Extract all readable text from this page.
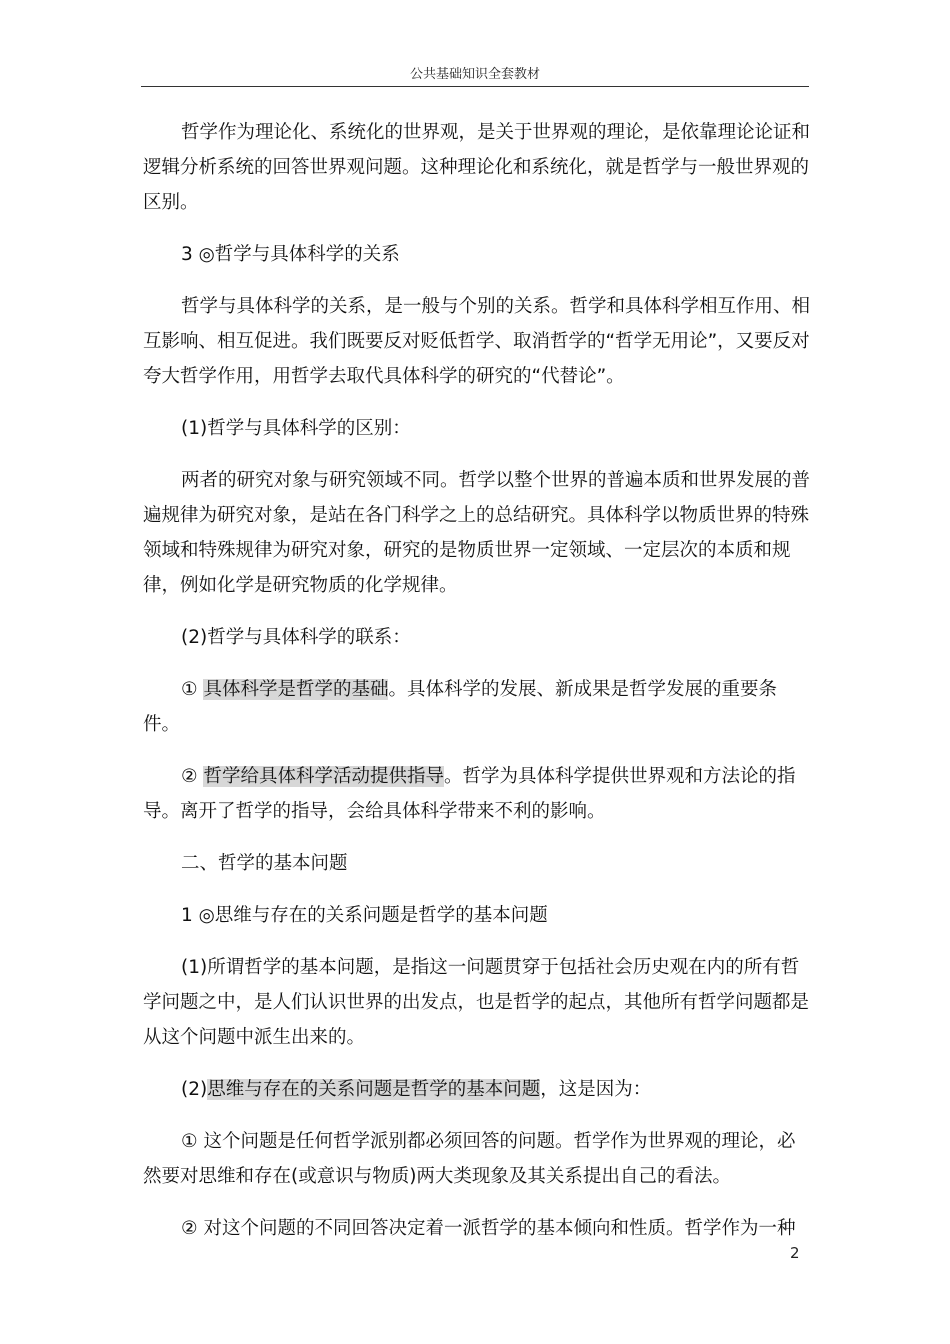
公共基础知识全套教材

哲学作为理论化、系统化的世界观，是关于世界观的理论，是依靠理论论证和逻辑分析系统的回答世界观问题。这种理论化和系统化，就是哲学与一般世界观的区别。

3 ◎哲学与具体科学的关系

哲学与具体科学的关系，是一般与个别的关系。哲学和具体科学相互作用、相互影响、相互促进。我们既要反对贬低哲学、取消哲学的“哲学无用论”，又要反对夸大哲学作用，用哲学去取代具体科学的研究的“代替论”。

(1)哲学与具体科学的区别：

两者的研究对象与研究领域不同。哲学以整个世界的普遍本质和世界发展的普遍规律为研究对象，是站在各门科学之上的总结研究。具体科学以物质世界的特殊领域和特殊规律为研究对象，研究的是物质世界一定领域、一定层次的本质和规律，例如化学是研究物质的化学规律。

(2)哲学与具体科学的联系：

① 具体科学是哲学的基础。具体科学的发展、新成果是哲学发展的重要条件。

② 哲学给具体科学活动提供指导。哲学为具体科学提供世界观和方法论的指导。离开了哲学的指导，会给具体科学带来不利的影响。

二、哲学的基本问题

1 ◎思维与存在的关系问题是哲学的基本问题

(1)所谓哲学的基本问题，是指这一问题贯穿于包括社会历史观在内的所有哲学问题之中，是人们认识世界的出发点，也是哲学的起点，其他所有哲学问题都是从这个问题中派生出来的。

(2)思维与存在的关系问题是哲学的基本问题，这是因为：

① 这个问题是任何哲学派别都必须回答的问题。哲学作为世界观的理论，必然要对思维和存在(或意识与物质)两大类现象及其关系提出自己的看法。

② 对这个问题的不同回答决定着一派哲学的基本倾向和性质。哲学作为一种

2
